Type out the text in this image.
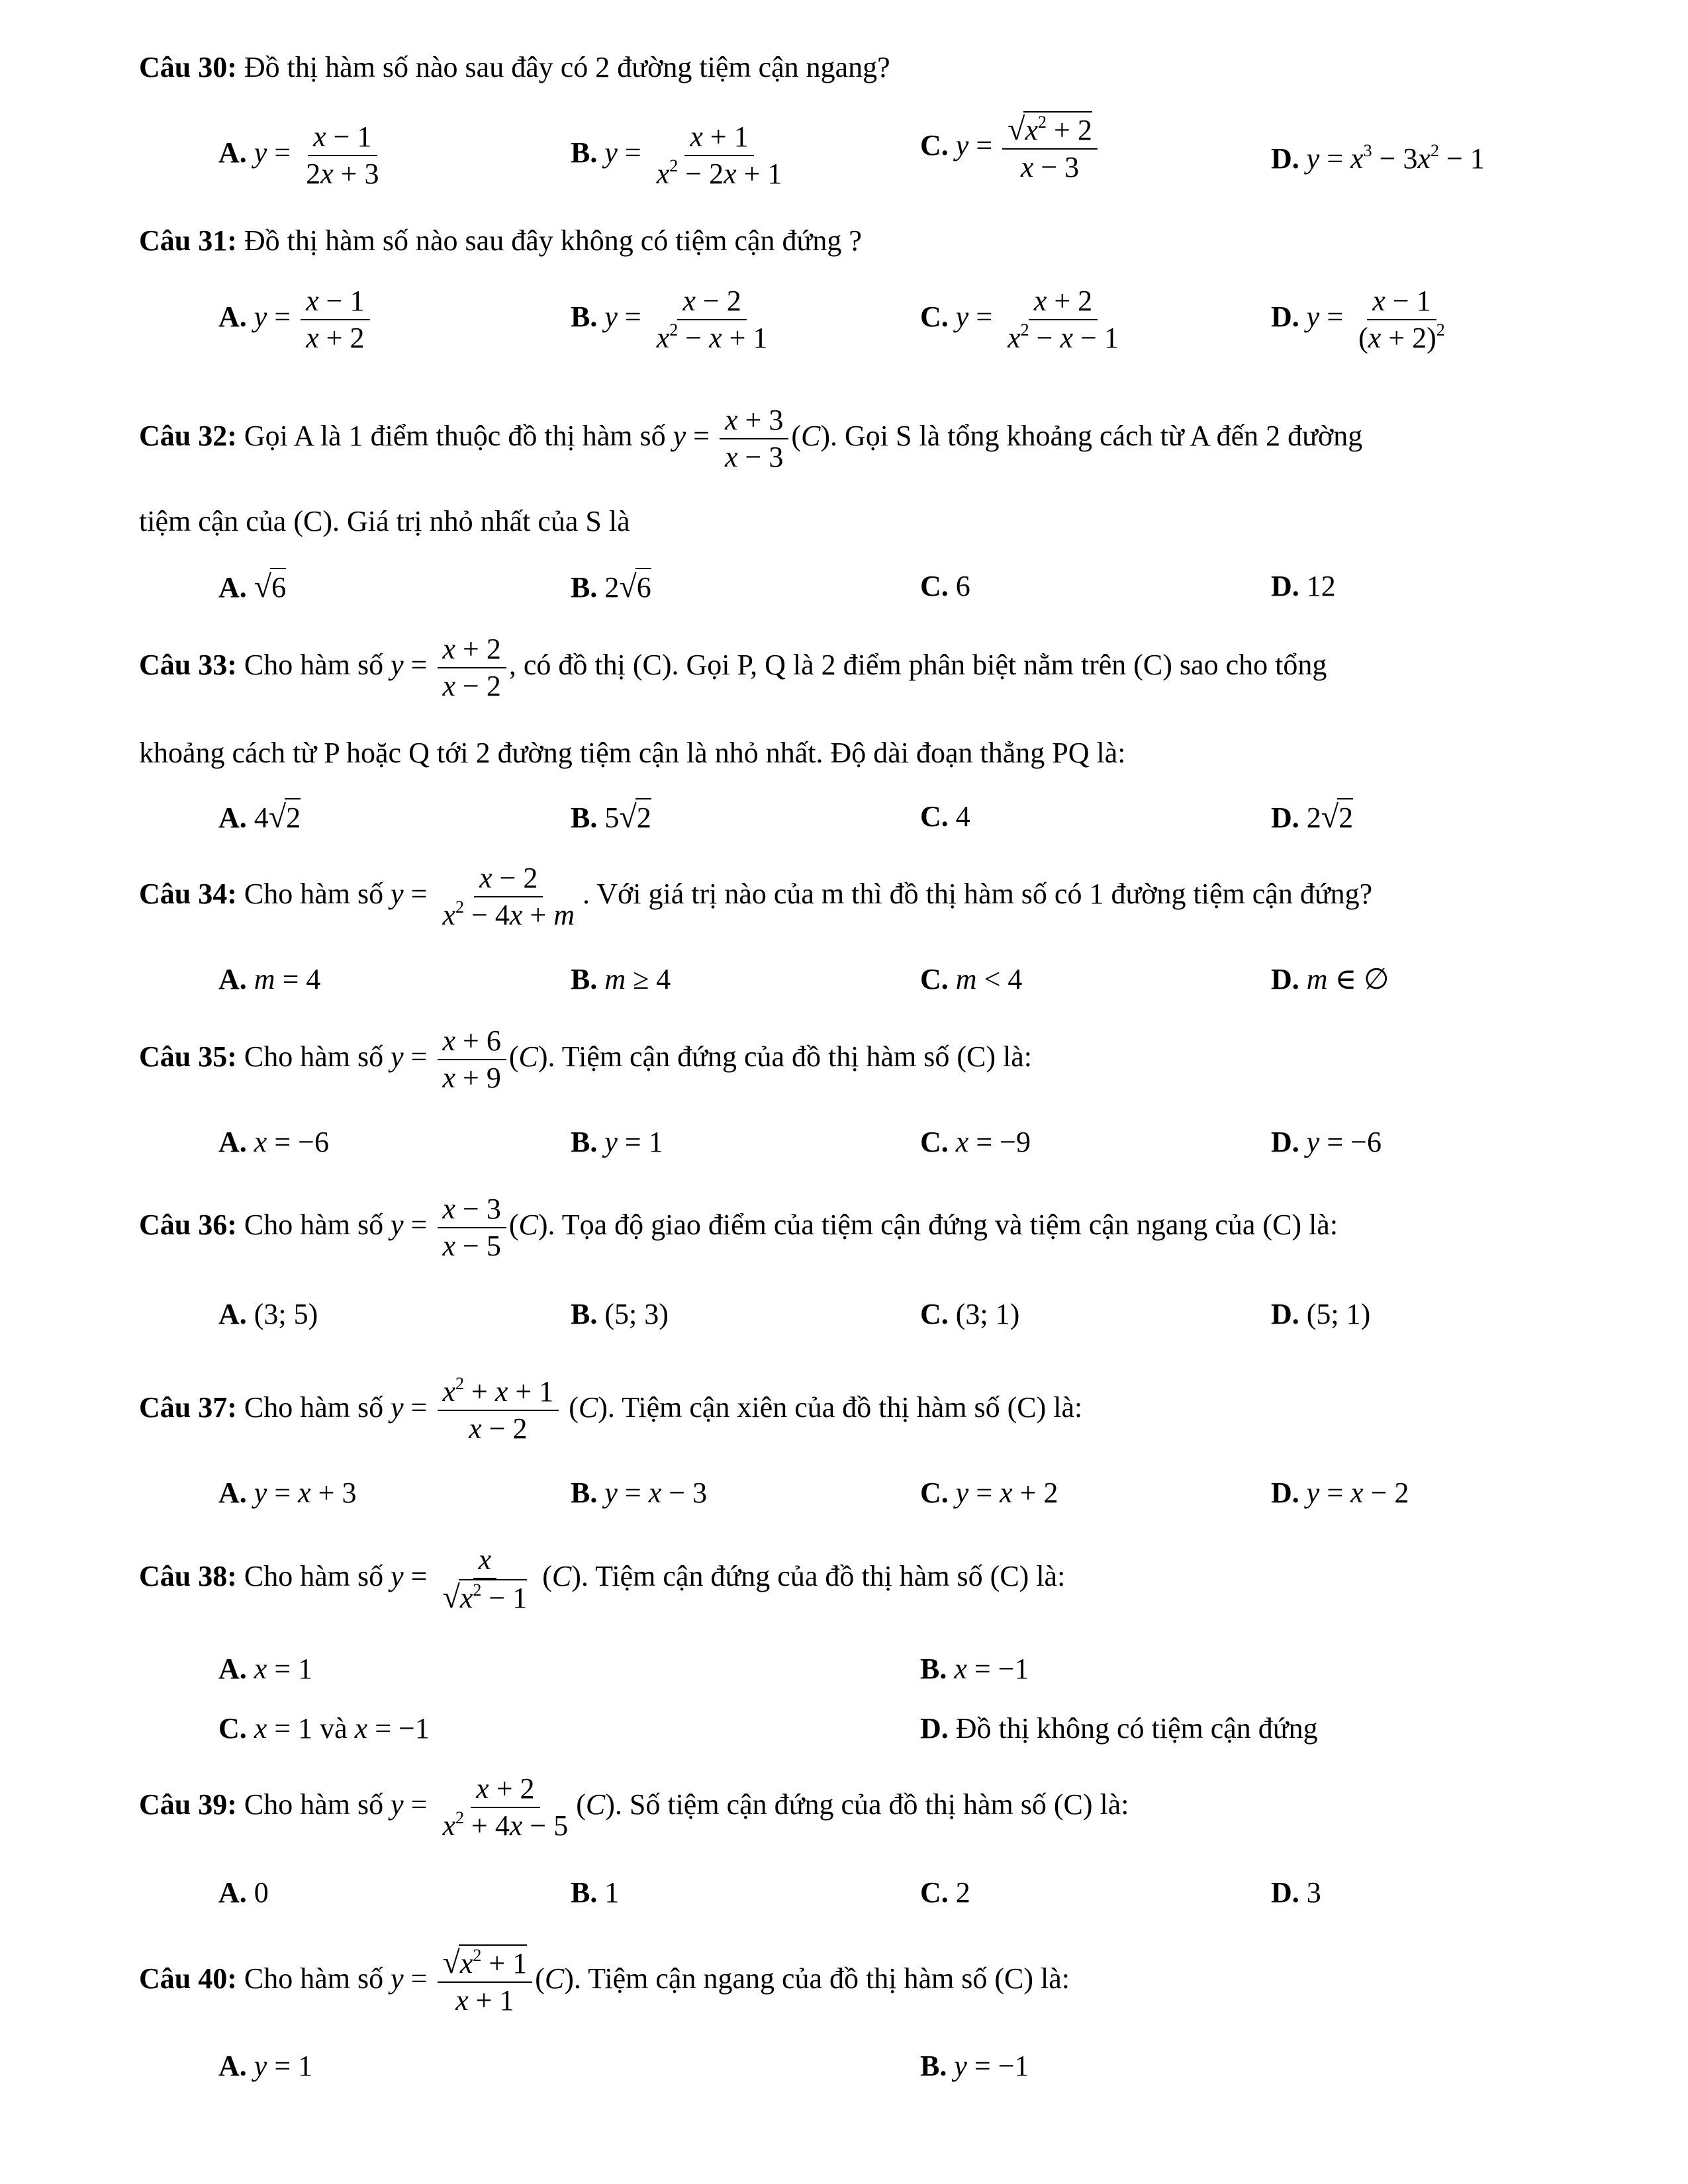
Câu 30: Đồ thị hàm số nào sau đây có 2 đường tiệm cận ngang?
A. $y = \frac{x - 1}{2x + 3}$	B. $y = \frac{x + 1}{x^2 - 2x + 1}$	C. $y = \frac{√x^2 + 2}{x - 3}$	D. $y = x^3 - 3x^2 - 1$
Câu 31: Đồ thị hàm số nào sau đây không có tiệm cận đứng ?
A. $y = \frac{x - 1}{x + 2}$	B. $y = \frac{x - 2}{x^2 - x + 1}$	C. $y = \frac{x + 2}{x^2 - x - 1}$	D. $y = \frac{x - 1}{(x + 2)^2}$
Câu 32: Gọi A là 1 điểm thuộc đồ thị hàm số $y = \frac{x + 3}{x - 3} (C)$. Gọi S là tổng khoảng cách từ A đến 2 đường
tiệm cận của (C). Giá trị nhỏ nhất của S là
A. √6	B. 2√6	C. 6	D. 12
Câu 33: Cho hàm số $y = \frac{x + 2}{x - 2}$ , có đồ thị (C). Gọi P, Q là 2 điểm phân biệt nằm trên (C) sao cho tổng
khoảng cách từ P hoặc Q tới 2 đường tiệm cận là nhỏ nhất. Độ dài đoạn thẳng PQ là:
A. 4√2	B. 5√2	C. 4	D. 2√2
Câu 34: Cho hàm số $y = \frac{x - 2}{x^2 - 4x + m}$ . Với giá trị nào của m thì đồ thị hàm số có 1 đường tiệm cận đứng?
A. m = 4	B. m ≥ 4	C. m < 4	D. m ∈ ∅
Câu 35: Cho hàm số $y = \frac{x + 6}{x + 9} (C)$. Tiệm cận đứng của đồ thị hàm số (C) là:
A. x = −6	B. y = 1	C. x = −9	D. y = −6
Câu 36: Cho hàm số $y = \frac{x - 3}{x - 5} (C)$. Tọa độ giao điểm của tiệm cận đứng và tiệm cận ngang của (C) là:
A. (3; 5)	B. (5; 3)	C. (3; 1)	D. (5; 1)
Câu 37: Cho hàm số $y = \frac{x^2 + x + 1}{x - 2} (C)$. Tiệm cận xiên của đồ thị hàm số (C) là:
A. y = x + 3	B. y = x − 3	C. y = x + 2	D. y = x − 2
Câu 38: Cho hàm số $y = \frac{x}{√x^2 - 1} (C)$. Tiệm cận đứng của đồ thị hàm số (C) là:
A. x = 1	B. x = −1
C. x = 1 và x = −1	D. Đồ thị không có tiệm cận đứng
Câu 39: Cho hàm số $y = \frac{x + 2}{x^2 + 4x - 5} (C)$. Số tiệm cận đứng của đồ thị hàm số (C) là:
A. 0	B. 1	C. 2	D. 3
Câu 40: Cho hàm số $y = \frac{√x^2 + 1}{x + 1} (C)$. Tiệm cận ngang của đồ thị hàm số (C) là:
A. y = 1	B. y = −1
